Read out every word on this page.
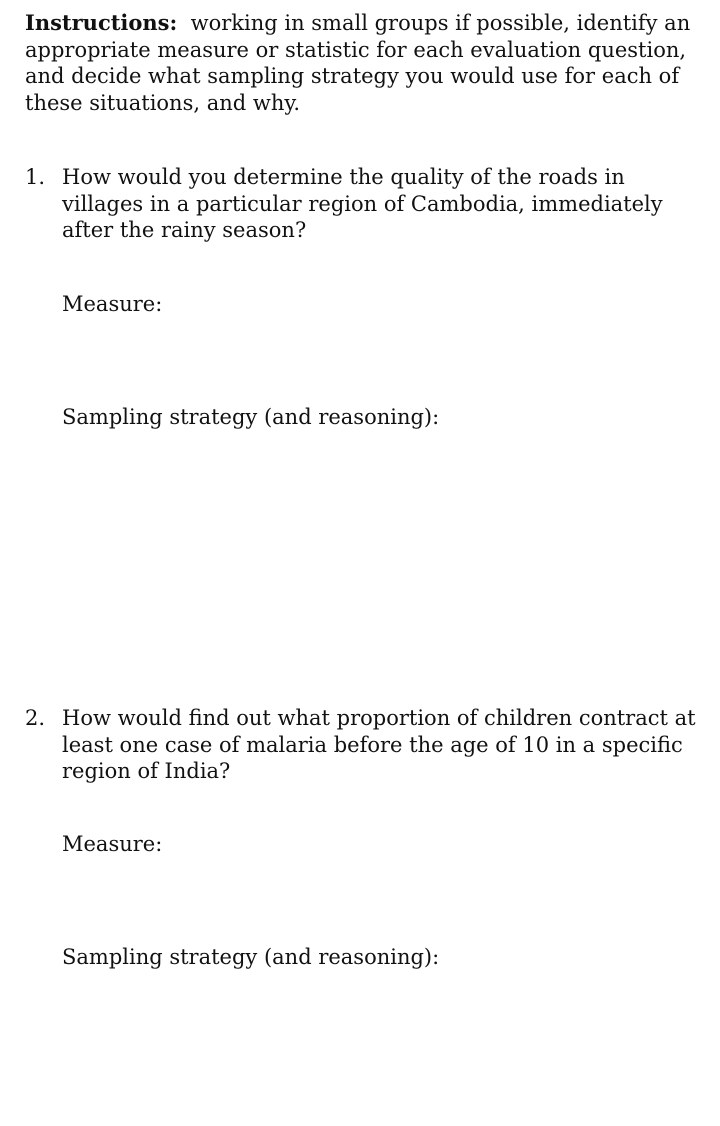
Instructions: working in small groups if possible, identify an appropriate measure or statistic for each evaluation question, and decide what sampling strategy you would use for each of these situations, and why.

1. How would you determine the quality of the roads in villages in a particular region of Cambodia, immediately after the rainy season?

Measure:

Sampling strategy (and reasoning):

2. How would find out what proportion of children contract at least one case of malaria before the age of 10 in a specific region of India?

Measure:

Sampling strategy (and reasoning):
